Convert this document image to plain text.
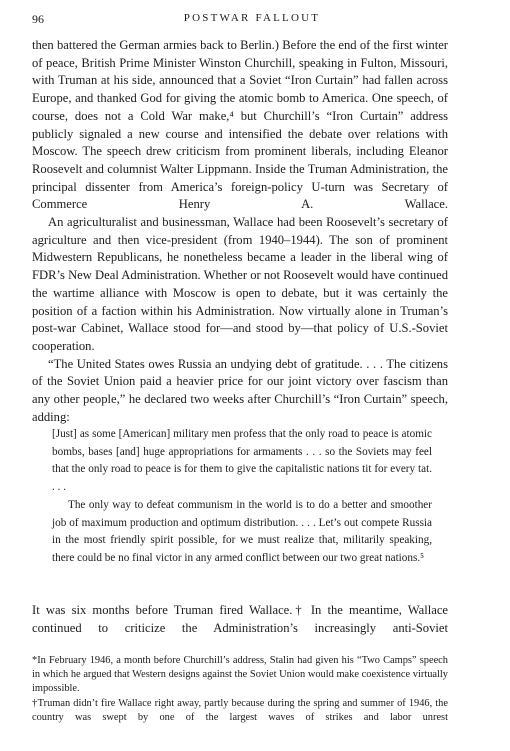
96	POSTWAR FALLOUT

then battered the German armies back to Berlin.) Before the end of the first winter of peace, British Prime Minister Winston Churchill, speaking in Fulton, Missouri, with Truman at his side, announced that a Soviet “Iron Curtain” had fallen across Europe, and thanked God for giving the atomic bomb to America. One speech, of course, does not a Cold War make,⁴ but Churchill’s “Iron Curtain” address publicly signaled a new course and intensified the debate over relations with Moscow. The speech drew criticism from prominent liberals, including Eleanor Roosevelt and columnist Walter Lippmann. Inside the Truman Administration, the principal dissenter from America’s foreign-policy U-turn was Secretary of Commerce Henry A. Wallace.

An agriculturalist and businessman, Wallace had been Roosevelt’s secretary of agriculture and then vice-president (from 1940–1944). The son of prominent Midwestern Republicans, he nonetheless became a leader in the liberal wing of FDR’s New Deal Administration. Whether or not Roosevelt would have continued the wartime alliance with Moscow is open to debate, but it was certainly the position of a faction within his Administration. Now virtually alone in Truman’s post-war Cabinet, Wallace stood for—and stood by—that policy of U.S.-Soviet cooperation.

“The United States owes Russia an undying debt of gratitude. . . . The citizens of the Soviet Union paid a heavier price for our joint victory over fascism than any other people,” he declared two weeks after Churchill’s “Iron Curtain” speech, adding:

[Just] as some [American] military men profess that the only road to peace is atomic bombs, bases [and] huge appropriations for armaments . . . so the Soviets may feel that the only road to peace is for them to give the capitalistic nations tit for every tat. . . .

The only way to defeat communism in the world is to do a better and smoother job of maximum production and optimum distribution. . . . Let’s out compete Russia in the most friendly spirit possible, for we must realize that, militarily speaking, there could be no final victor in any armed conflict between our two great nations.⁵

It was six months before Truman fired Wallace.† In the meantime, Wallace continued to criticize the Administration’s increasingly anti-Soviet

*In February 1946, a month before Churchill’s address, Stalin had given his “Two Camps” speech in which he argued that Western designs against the Soviet Union would make coexistence virtually impossible.

†Truman didn’t fire Wallace right away, partly because during the spring and summer of 1946, the country was swept by one of the largest waves of strikes and labor unrest
